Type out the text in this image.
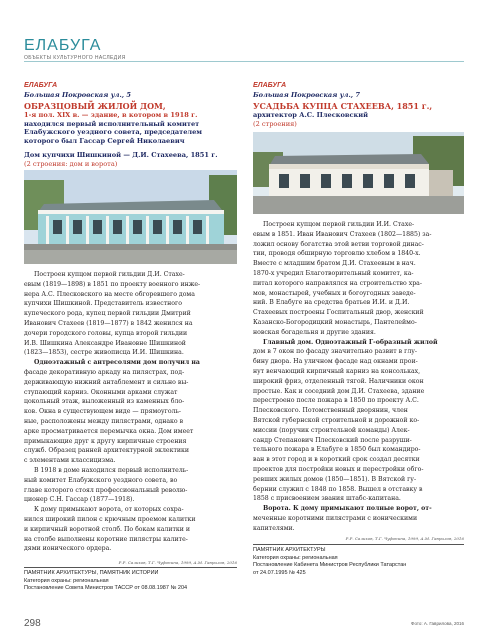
ЕЛАБУГА
ОБЪЕКТЫ КУЛЬТУРНОГО НАСЛЕДИЯ
ЕЛАБУГА
Большая Покровская ул., 5
ОБРАЗЦОВЫЙ ЖИЛОЙ ДОМ,
1-я пол. XIX в. — здание, в котором в 1918 г.
находился первый исполнительный комитет
Елабужского уездного совета, председателем
которого был Гассар Сергей Николаевич
Дом купчихи Шишкиной — Д.И. Стахеева, 1851 г.
(2 строения: дом и ворота)

Построен купцом первой гильдии Д.И. Стахе-

евым (1819—1898) в 1851 по проекту военного инже-
нера А.С. Плесковского на месте обгоревшего дома
купчихи Шишкиной. Представитель известного
купеческого рода, купец первой гильдии Дмитрий
Иванович Стахеев (1819—1877) в 1842 женился на
дочери городского головы, купца второй гильдии
И.В. Шишкина Александре Ивановне Шишкиной
(1823—1853), сестре живописца И.И. Шишкина.

Одноэтажный с антресолями дом получил на

фасаде декоративную аркаду на пилястрах, под-
держивающую нижний антаблемент и сильно вы-
ступающий карниз. Оконными арками служат
цокольный этаж, выложенный из каменных бло-
ков. Окна в существующем виде — прямоуголь-
ные, расположены между пилястрами, однако в
арке просматривается перемычка окна. Дом имеет
примыкающие друг к другу кирпичные строения
служб. Образец ранней архитектурной эклектики
с элементами классицизма.

В 1918 в доме находился первый исполнитель-

ный комитет Елабужского уездного совета, во
главе которого стоял профессиональный револю-
ционер С.Н. Гассар (1877—1918).

К дому примыкают ворота, от которых сохра-

нился широкий пилон с крючным проемом калитки
и кирпичный воротной столб. По бокам калитки и
на столбе выполнены коротние пилястры калите-
дями ионического ордера.
Р.Р. Салихов, Т.Г. Чуфонина, 1999, А.М. Гаврилов, 2016
ПАМЯТНИК АРХИТЕКТУРЫ, ПАМЯТНИК ИСТОРИИ
Категория охраны: региональная
Постановление Совета Министров ТАССР от 08.08.1987 № 204
ЕЛАБУГА
Большая Покровская ул., 7
УСАДЬБА КУПЦА СТАХЕЕВА, 1851 г.,
архитектор А.С. Плесковский
(2 строения)

Построен купцом первой гильдии И.И. Стахе-

евым в 1851. Иван Иванович Стахеев (1802—1885) за-
ложил основу богатства этой ветви торговой динас-
тии, проводя обширную торговлю хлебом в 1840-х.
Вместе с младшим братом Д.И. Стахеевым в нач.
1870-х учредил Благотворительный комитет, ка-
питал которого направлялся на строительство хра-
мов, монастырей, учебных и богоугодных заведе-
ний. В Елабуге на средства братьев И.И. и Д.И.
Стахеевых построены Госпитальный двор, женский
Казанско-Богородицкий монастырь, Пантелеймо-
новская богадельня и другие здания.

Главный дом. Одноэтажный Г-образный жилой

дом в 7 окон по фасаду значительно развит в глу-
бину двора. На уличном фасаде над окнами прои-
нут венчающий кирпичный карниз на консольках,
широкий фриз, отделенный тягой. Наличники окон
простые. Как и соседний дом Д.И. Стахеева, здание
перестроено после пожара в 1850 по проекту А.С.
Плесковского. Потомственный дворянин, член
Вятской губернской строительной и дорожной ко-
миссии (поручик строительной команды) Алек-
сандр Степанович Плесковский после разруши-
тельного пожара в Елабуге в 1850 был командиро-
ван в этот город и в короткий срок создал десятки
проектов для постройки новых и перестройки обго-
ревших жилых домов (1850—1851). В Вятской гу-
бернии служил с 1848 по 1858. Вышел в отставку в
1858 с присвоением звания штабс-капитана.

Ворота. К дому примыкают полные ворот, от-

меченные коротними пилястрами с ионическими
капителями.
Р.Р. Салихов, Т.Г. Чуфонина, 1999, А.М. Гаврилов, 2016
ПАМЯТНИК АРХИТЕКТУРЫ
Категория охраны: региональная
Постановление Кабинета Министров Республики Татарстан
от 24.07.1995 № 425
298	Фото: А. Гаврилова, 2016
